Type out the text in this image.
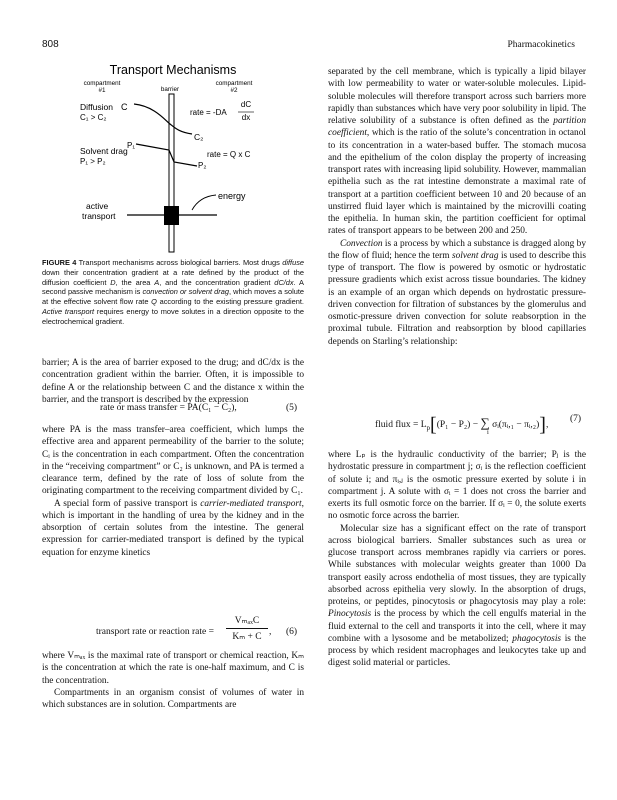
808	Pharmacokinetics
Transport Mechanisms
compartment
#1	barrier
compartment
#2
Diffusion C
C₁ > C₂
C₂
rate = -DA
dC
dx
Solvent drag
P₁
P₁ > P₂	P₂
rate = Q x C
energy
active
transport
FIGURE 4 Transport mechanisms across biological barriers. Most drugs diffuse down their concentration gradient at a rate defined by the product of the diffusion coefficient D, the area A, and the concentration gradient dC/dx. A second passive mechanism is convection or solvent drag, which moves a solute at the effective solvent flow rate Q according to the existing pressure gradient. Active transport requires energy to move solutes in a direction opposite to the electrochemical gradient.

barrier; A is the area of barrier exposed to the drug; and dC/dx is the concentration gradient within the barrier. Often, it is impossible to define A or the relationship between C and the distance x within the barrier, and the transport is described by the expression

rate or mass transfer = PA(C₁ − C₂),	(5)

where PA is the mass transfer–area coefficient, which lumps the effective area and apparent permeability of the barrier to the solute; Cᵢ is the concentration in each compartment. Often the concentration in the “receiving compartment” or C₂ is unknown, and PA is termed a clearance term, defined by the rate of loss of solute from the originating compartment to the receiving compartment divided by C₁.

A special form of passive transport is carrier-mediated transport, which is important in the handling of urea by the kidney and in the absorption of certain solutes from the intestine. The general expression for carrier-mediated transport is defined by the typical equation for enzyme kinetics

transport rate or reaction rate =
VₘₐₓC
Kₘ + C , (6)

where Vₘₐₓ is the maximal rate of transport or chemical reaction, Kₘ is the concentration at which the rate is one-half maximum, and C is the concentration.

Compartments in an organism consist of volumes of water in which substances are in solution. Compartments are

separated by the cell membrane, which is typically a lipid bilayer with low permeability to water or water-soluble molecules. Lipid-soluble molecules will therefore transport across such barriers more rapidly than substances which have very poor solubility in lipid. The relative solubility of a substance is often defined as the partition coefficient, which is the ratio of the solute’s concentration in octanol to its concentration in a water-based buffer. The stomach mucosa and the epithelium of the colon display the property of increasing transport rates with increasing lipid solubility. However, mammalian epithelia such as the rat intestine demonstrate a maximal rate of transport at a partition coefficient between 10 and 20 because of an unstirred fluid layer which is maintained by the microvilli coating the epithelia. In human skin, the partition coefficient for optimal rates of transport appears to be between 200 and 250.

Convection is a process by which a substance is dragged along by the flow of fluid; hence the term solvent drag is used to describe this type of transport. The flow is powered by osmotic or hydrostatic pressure gradients which exist across tissue boundaries. The kidney is an example of an organ which depends on hydrostatic pressure-driven convection for filtration of substances by the glomerulus and osmotic-pressure driven convection for solute reabsorption in the proximal tubule. Filtration and reabsorption by blood capillaries depends on Starling’s relationship:

fluid flux = $L_p[(P_1 - P_2)$ − ∑ σᵢ(πᵢ,₁ − πᵢ,₂)],
i
(7)

where Lₚ is the hydraulic conductivity of the barrier; Pⱼ is the hydrostatic pressure in compartment j; σᵢ is the reflection coefficient of solute i; and πᵢ,ⱼ is the osmotic pressure exerted by solute i in compartment j. A solute with σᵢ = 1 does not cross the barrier and exerts its full osmotic force on the barrier. If σᵢ = 0, the solute exerts no osmotic force across the barrier.

Molecular size has a significant effect on the rate of transport across biological barriers. Smaller substances such as urea or glucose transport across membranes rapidly via carriers or pores. While substances with molecular weights greater than 1000 Da transport easily across endothelia of most tissues, they are typically absorbed across epithelia very slowly. In the absorption of drugs, proteins, or peptides, pinocytosis or phagocytosis may play a role: Pinocytosis is the process by which the cell engulfs material in the fluid external to the cell and transports it into the cell, where it may combine with a lysosome and be metabolized; phagocytosis is the process by which resident macrophages and leukocytes take up and digest solid material or particles.
